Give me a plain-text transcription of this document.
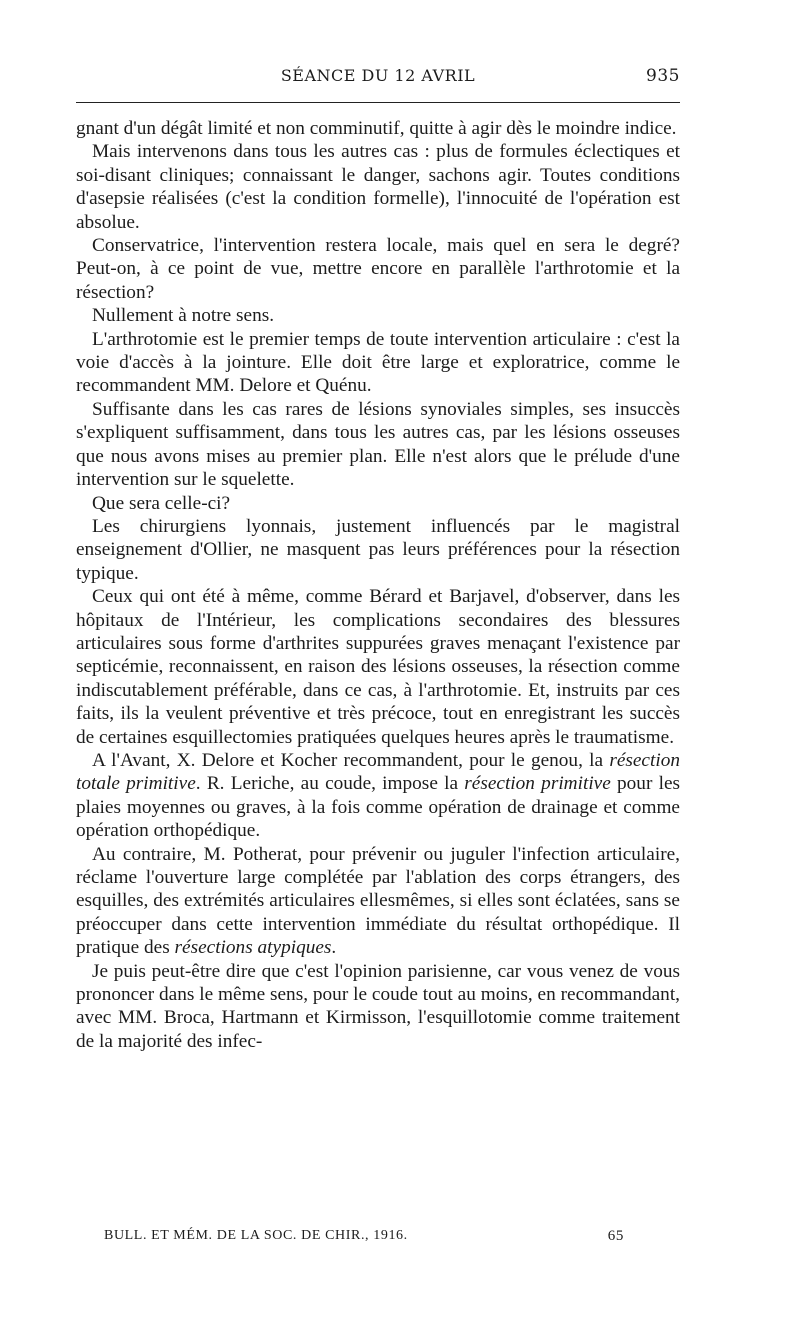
SÉANCE DU 12 AVRIL	935

gnant d'un dégât limité et non comminutif, quitte à agir dès le moindre indice.

Mais intervenons dans tous les autres cas : plus de formules éclectiques et soi-disant cliniques; connaissant le danger, sachons agir. Toutes conditions d'asepsie réalisées (c'est la condition formelle), l'innocuité de l'opération est absolue.

Conservatrice, l'intervention restera locale, mais quel en sera le degré? Peut-on, à ce point de vue, mettre encore en parallèle l'arthrotomie et la résection?

Nullement à notre sens.

L'arthrotomie est le premier temps de toute intervention articulaire : c'est la voie d'accès à la jointure. Elle doit être large et exploratrice, comme le recommandent MM. Delore et Quénu.

Suffisante dans les cas rares de lésions synoviales simples, ses insuccès s'expliquent suffisamment, dans tous les autres cas, par les lésions osseuses que nous avons mises au premier plan. Elle n'est alors que le prélude d'une intervention sur le squelette.

Que sera celle-ci?

Les chirurgiens lyonnais, justement influencés par le magistral enseignement d'Ollier, ne masquent pas leurs préférences pour la résection typique.

Ceux qui ont été à même, comme Bérard et Barjavel, d'observer, dans les hôpitaux de l'Intérieur, les complications secondaires des blessures articulaires sous forme d'arthrites suppurées graves menaçant l'existence par septicémie, reconnaissent, en raison des lésions osseuses, la résection comme indiscutablement préférable, dans ce cas, à l'arthrotomie. Et, instruits par ces faits, ils la veulent préventive et très précoce, tout en enregistrant les succès de certaines esquillectomies pratiquées quelques heures après le traumatisme.

A l'Avant, X. Delore et Kocher recommandent, pour le genou, la résection totale primitive. R. Leriche, au coude, impose la résection primitive pour les plaies moyennes ou graves, à la fois comme opération de drainage et comme opération orthopédique.

Au contraire, M. Potherat, pour prévenir ou juguler l'infection articulaire, réclame l'ouverture large complétée par l'ablation des corps étrangers, des esquilles, des extrémités articulaires ellesmêmes, si elles sont éclatées, sans se préoccuper dans cette intervention immédiate du résultat orthopédique. Il pratique des résections atypiques.

Je puis peut-être dire que c'est l'opinion parisienne, car vous venez de vous prononcer dans le même sens, pour le coude tout au moins, en recommandant, avec MM. Broca, Hartmann et Kirmisson, l'esquillotomie comme traitement de la majorité des infec-

BULL. ET MÉM. DE LA SOC. DE CHIR., 1916.	65
